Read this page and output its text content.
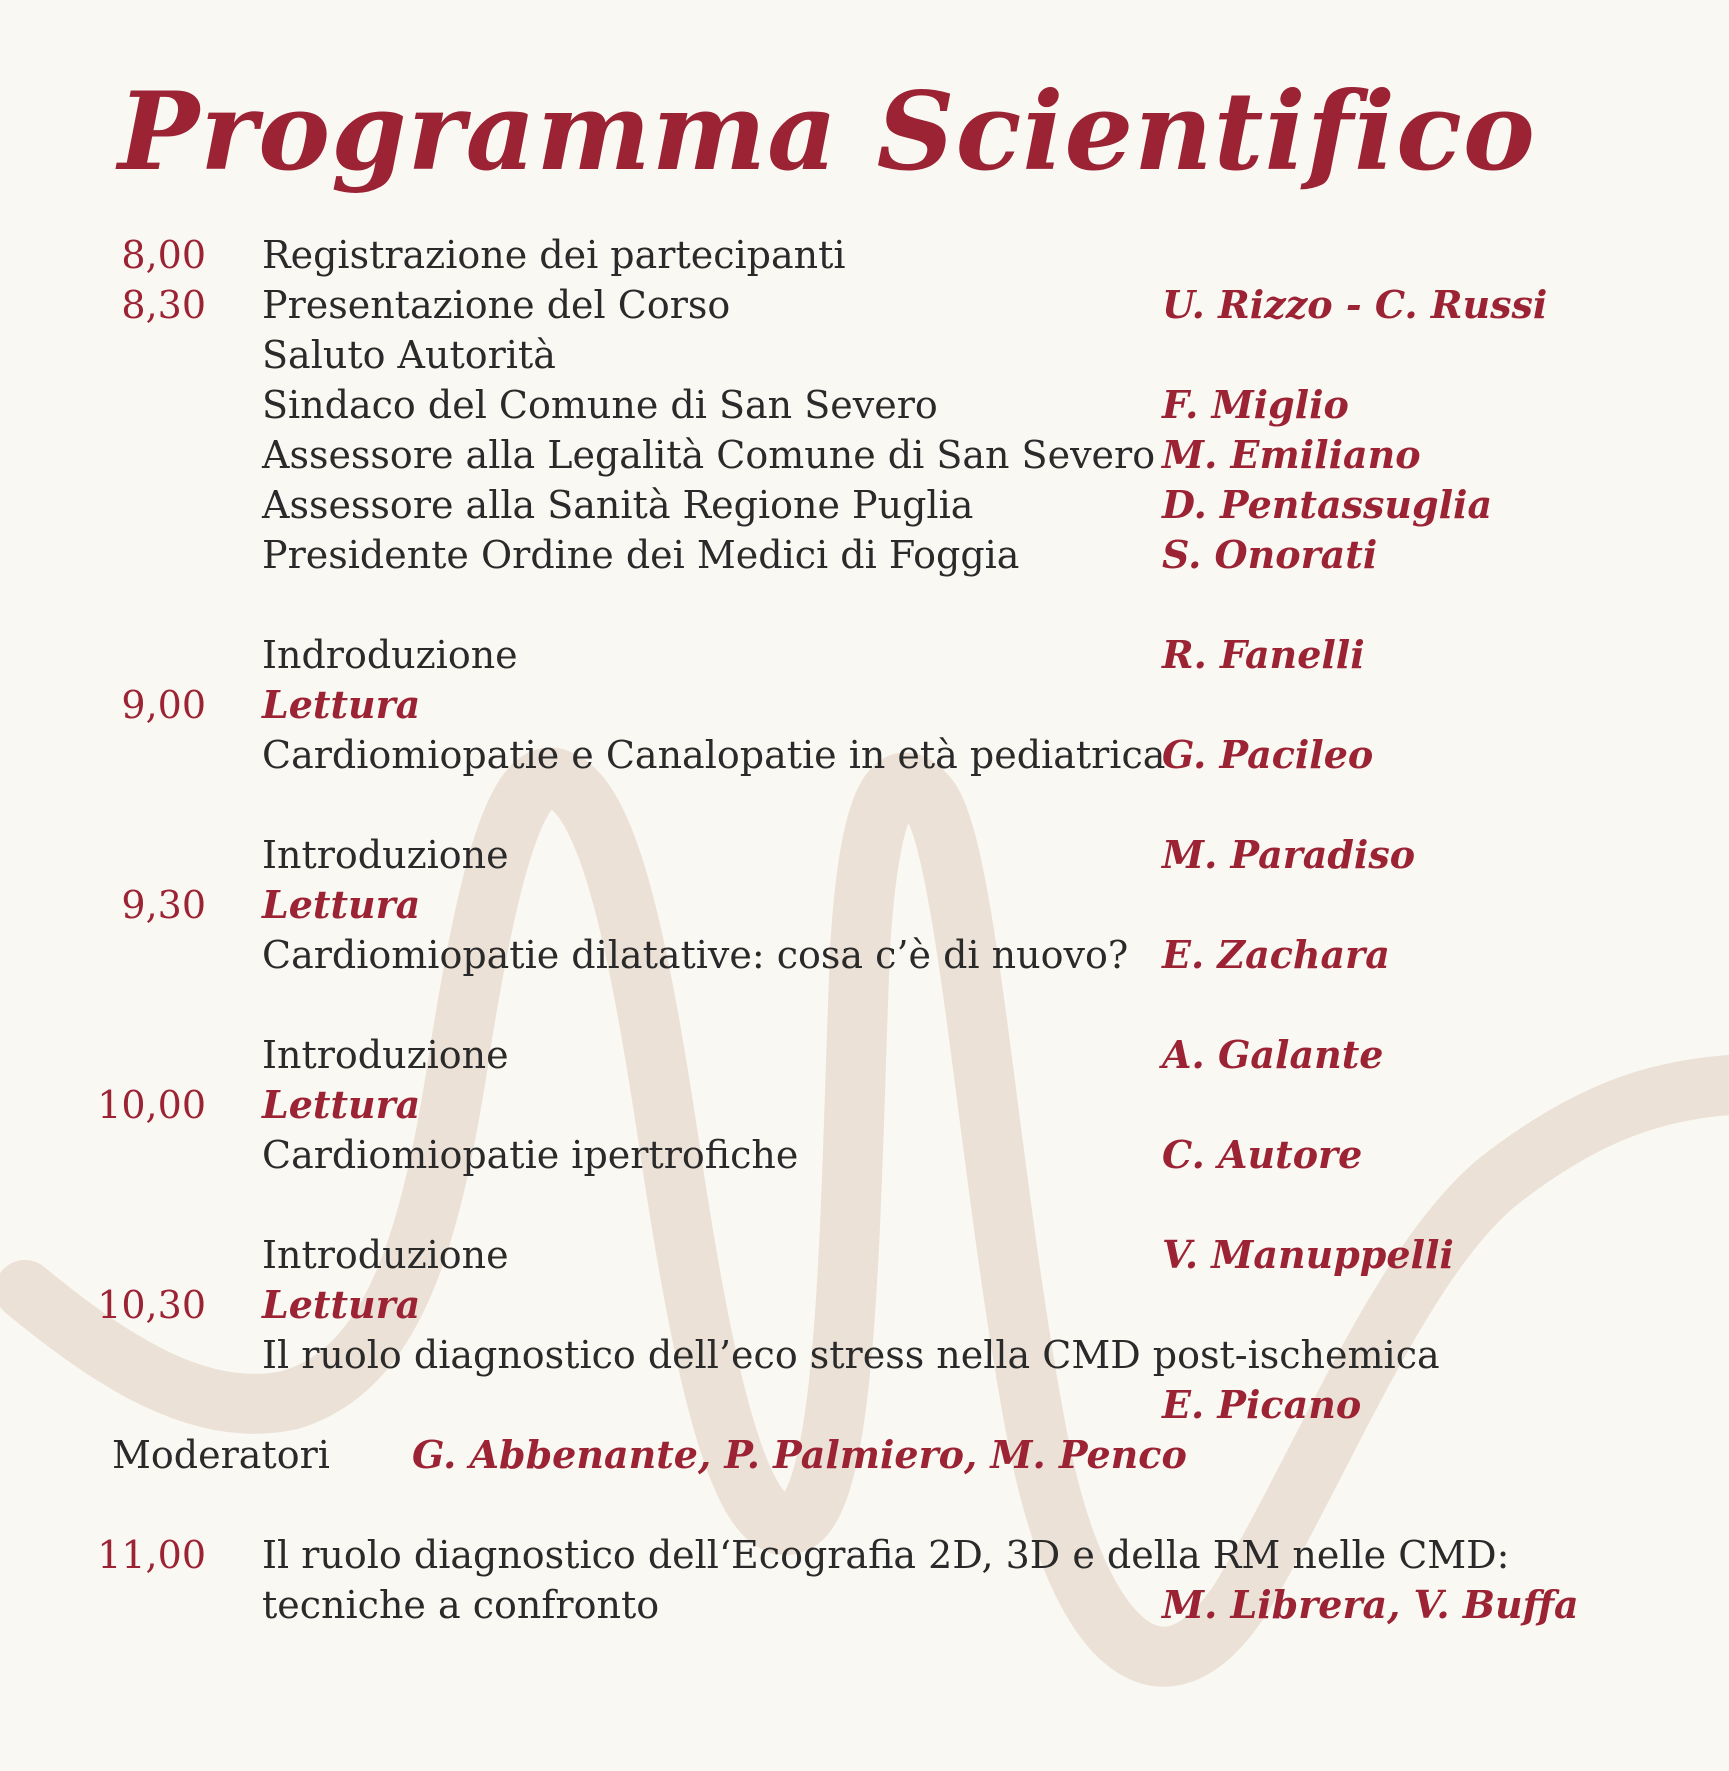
Programma Scientifico
8,00 Registrazione dei partecipanti
8,30 Presentazione del Corso	U. Rizzo - C. Russi
Saluto Autorità
Sindaco del Comune di San Severo	F. Miglio
Assessore alla Legalità Comune di San Severo M. Emiliano
Assessore alla Sanità Regione Puglia	D. Pentassuglia
Presidente Ordine dei Medici di Foggia	S. Onorati
Indroduzione	R. Fanelli
9,00 Lettura
Cardiomiopatie e Canalopatie in età pediatrica
G. Pacileo
Introduzione	M. Paradiso
9,30 Lettura
Cardiomiopatie dilatative: cosa c’è di nuovo? E. Zachara
Introduzione	A. Galante
10,00 Lettura
Cardiomiopatie ipertrofiche	C. Autore
Introduzione	V. Manuppelli
10,30 Lettura
Il ruolo diagnostico dell’eco stress nella CMD post-ischemica
E. Picano
Moderatori G. Abbenante, P. Palmiero, M. Penco
11,00 Il ruolo diagnostico dell‘Ecografia 2D, 3D e della RM nelle CMD:
tecniche a confronto	M. Librera, V. Buffa
